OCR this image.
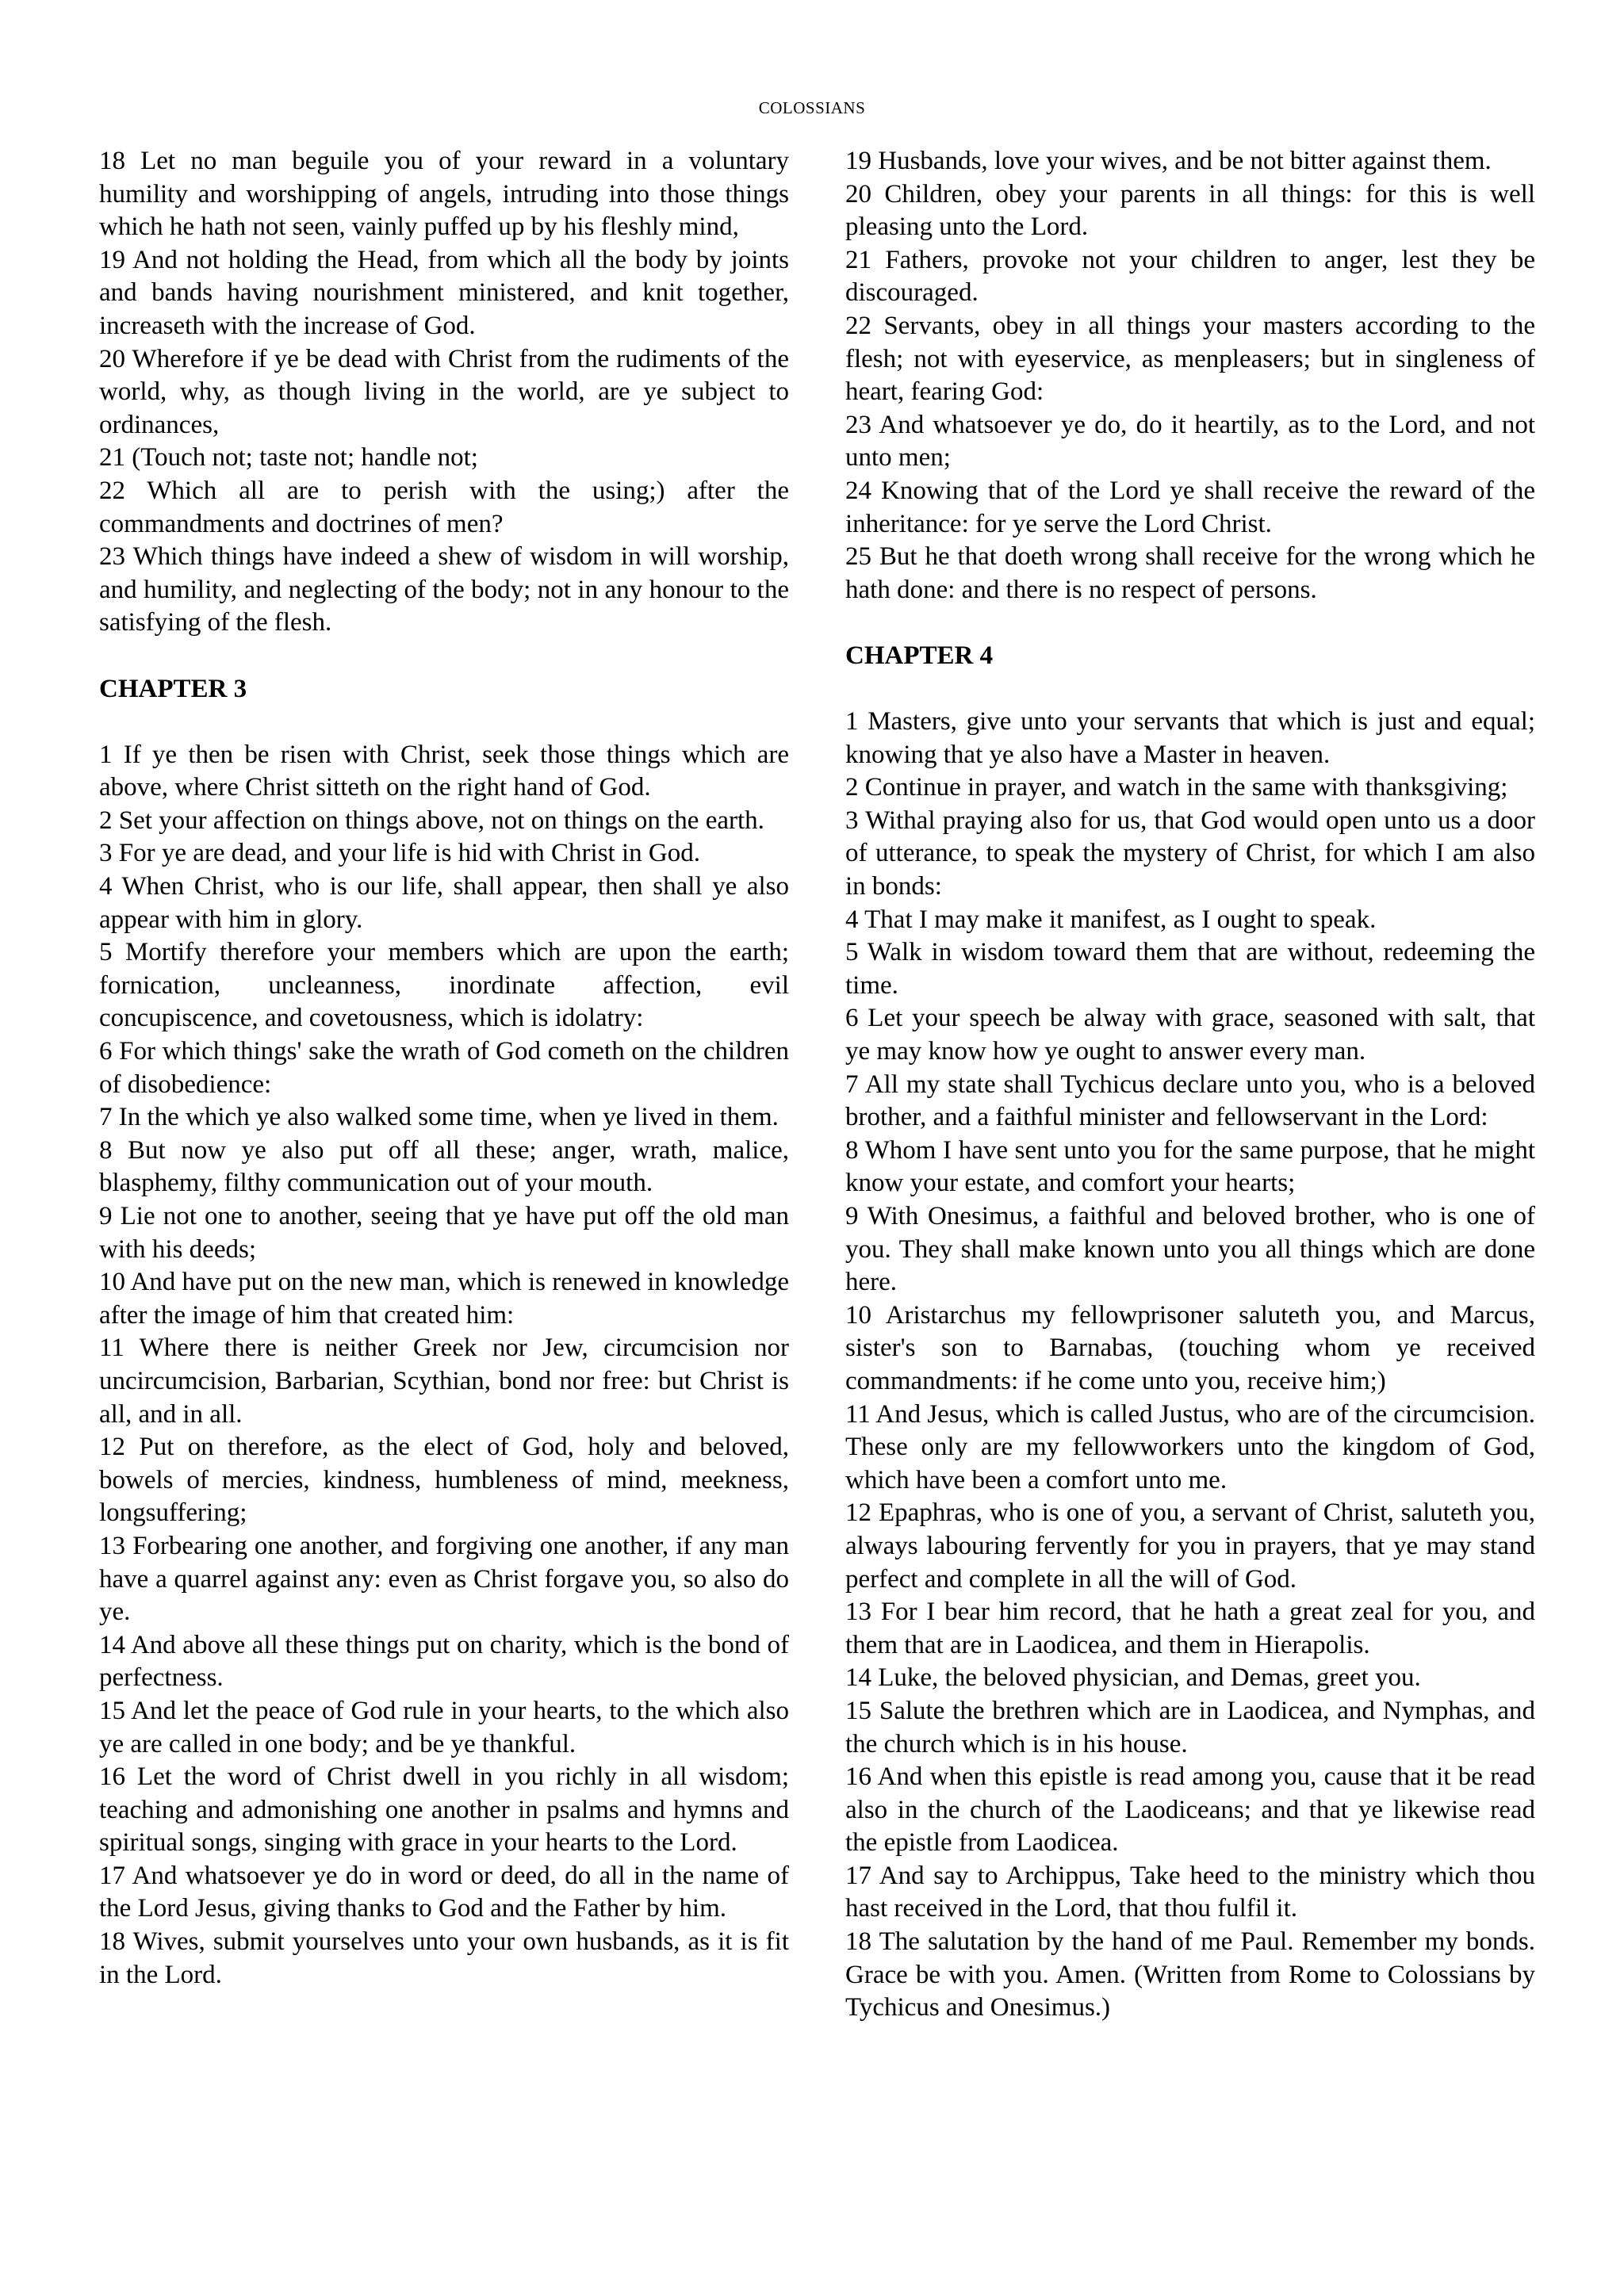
COLOSSIANS

18 Let no man beguile you of your reward in a voluntary humility and worshipping of angels, intruding into those things which he hath not seen, vainly puffed up by his fleshly mind,

19 And not holding the Head, from which all the body by joints and bands having nourishment ministered, and knit together, increaseth with the increase of God.

20 Wherefore if ye be dead with Christ from the rudiments of the world, why, as though living in the world, are ye subject to ordinances,

21 (Touch not; taste not; handle not;

22 Which all are to perish with the using;) after the commandments and doctrines of men?

23 Which things have indeed a shew of wisdom in will worship, and humility, and neglecting of the body; not in any honour to the satisfying of the flesh.

CHAPTER 3

1 If ye then be risen with Christ, seek those things which are above, where Christ sitteth on the right hand of God.

2 Set your affection on things above, not on things on the earth.

3 For ye are dead, and your life is hid with Christ in God.

4 When Christ, who is our life, shall appear, then shall ye also appear with him in glory.

5 Mortify therefore your members which are upon the earth; fornication, uncleanness, inordinate affection, evil concupiscence, and covetousness, which is idolatry:

6 For which things' sake the wrath of God cometh on the children of disobedience:

7 In the which ye also walked some time, when ye lived in them.

8 But now ye also put off all these; anger, wrath, malice, blasphemy, filthy communication out of your mouth.

9 Lie not one to another, seeing that ye have put off the old man with his deeds;

10 And have put on the new man, which is renewed in knowledge after the image of him that created him:

11 Where there is neither Greek nor Jew, circumcision nor uncircumcision, Barbarian, Scythian, bond nor free: but Christ is all, and in all.

12 Put on therefore, as the elect of God, holy and beloved, bowels of mercies, kindness, humbleness of mind, meekness, longsuffering;

13 Forbearing one another, and forgiving one another, if any man have a quarrel against any: even as Christ forgave you, so also do ye.

14 And above all these things put on charity, which is the bond of perfectness.

15 And let the peace of God rule in your hearts, to the which also ye are called in one body; and be ye thankful.

16 Let the word of Christ dwell in you richly in all wisdom; teaching and admonishing one another in psalms and hymns and spiritual songs, singing with grace in your hearts to the Lord.

17 And whatsoever ye do in word or deed, do all in the name of the Lord Jesus, giving thanks to God and the Father by him.

18 Wives, submit yourselves unto your own husbands, as it is fit in the Lord.

19 Husbands, love your wives, and be not bitter against them.

20 Children, obey your parents in all things: for this is well pleasing unto the Lord.

21 Fathers, provoke not your children to anger, lest they be discouraged.

22 Servants, obey in all things your masters according to the flesh; not with eyeservice, as menpleasers; but in singleness of heart, fearing God:

23 And whatsoever ye do, do it heartily, as to the Lord, and not unto men;

24 Knowing that of the Lord ye shall receive the reward of the inheritance: for ye serve the Lord Christ.

25 But he that doeth wrong shall receive for the wrong which he hath done: and there is no respect of persons.

CHAPTER 4

1 Masters, give unto your servants that which is just and equal; knowing that ye also have a Master in heaven.

2 Continue in prayer, and watch in the same with thanksgiving;

3 Withal praying also for us, that God would open unto us a door of utterance, to speak the mystery of Christ, for which I am also in bonds:

4 That I may make it manifest, as I ought to speak.

5 Walk in wisdom toward them that are without, redeeming the time.

6 Let your speech be alway with grace, seasoned with salt, that ye may know how ye ought to answer every man.

7 All my state shall Tychicus declare unto you, who is a beloved brother, and a faithful minister and fellowservant in the Lord:

8 Whom I have sent unto you for the same purpose, that he might know your estate, and comfort your hearts;

9 With Onesimus, a faithful and beloved brother, who is one of you. They shall make known unto you all things which are done here.

10 Aristarchus my fellowprisoner saluteth you, and Marcus, sister's son to Barnabas, (touching whom ye received commandments: if he come unto you, receive him;)

11 And Jesus, which is called Justus, who are of the circumcision. These only are my fellowworkers unto the kingdom of God, which have been a comfort unto me.

12 Epaphras, who is one of you, a servant of Christ, saluteth you, always labouring fervently for you in prayers, that ye may stand perfect and complete in all the will of God.

13 For I bear him record, that he hath a great zeal for you, and them that are in Laodicea, and them in Hierapolis.

14 Luke, the beloved physician, and Demas, greet you.

15 Salute the brethren which are in Laodicea, and Nymphas, and the church which is in his house.

16 And when this epistle is read among you, cause that it be read also in the church of the Laodiceans; and that ye likewise read the epistle from Laodicea.

17 And say to Archippus, Take heed to the ministry which thou hast received in the Lord, that thou fulfil it.

18 The salutation by the hand of me Paul. Remember my bonds. Grace be with you. Amen. (Written from Rome to Colossians by Tychicus and Onesimus.)
